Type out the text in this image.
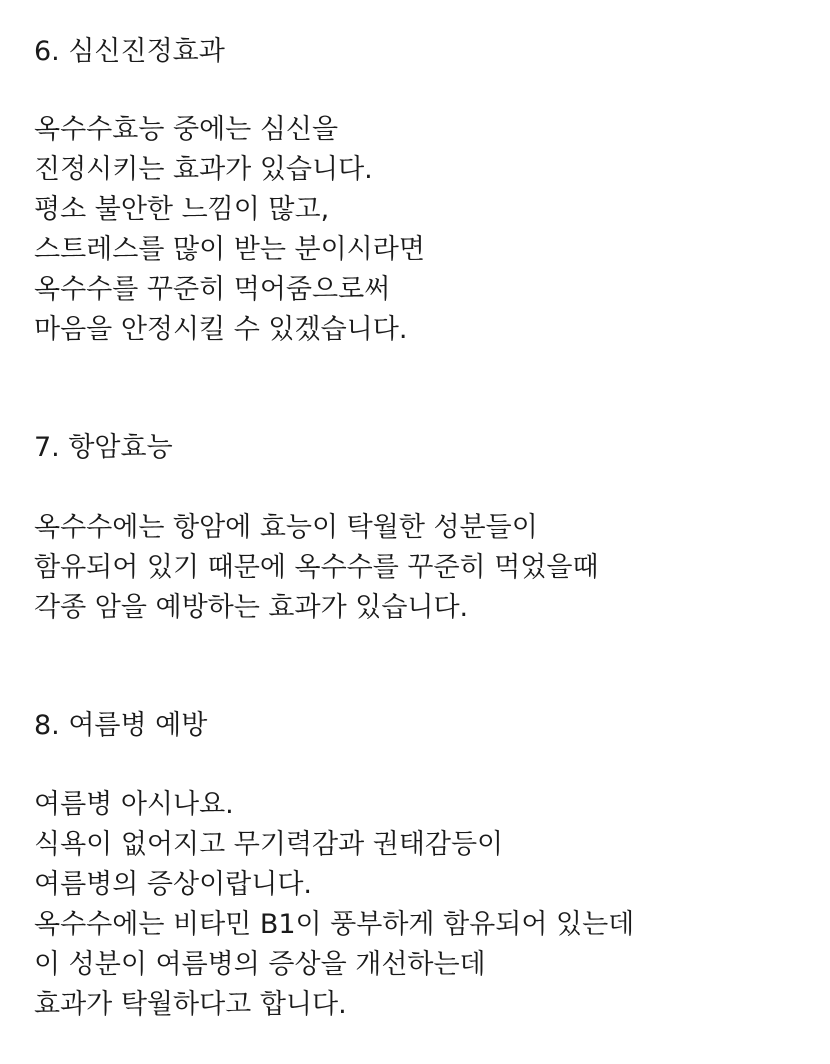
6. 심신진정효과
옥수수효능 중에는 심신을
진정시키는 효과가 있습니다.
평소 불안한 느낌이 많고,
스트레스를 많이 받는 분이시라면
옥수수를 꾸준히 먹어줌으로써
마음을 안정시킬 수 있겠습니다.
7. 항암효능
옥수수에는 항암에 효능이 탁월한 성분들이
함유되어 있기 때문에 옥수수를 꾸준히 먹었을때
각종 암을 예방하는 효과가 있습니다.
8. 여름병 예방
여름병 아시나요.
식욕이 없어지고 무기력감과 권태감등이
여름병의 증상이랍니다.
옥수수에는 비타민 B1이 풍부하게 함유되어 있는데
이 성분이 여름병의 증상을 개선하는데
효과가 탁월하다고 합니다.
